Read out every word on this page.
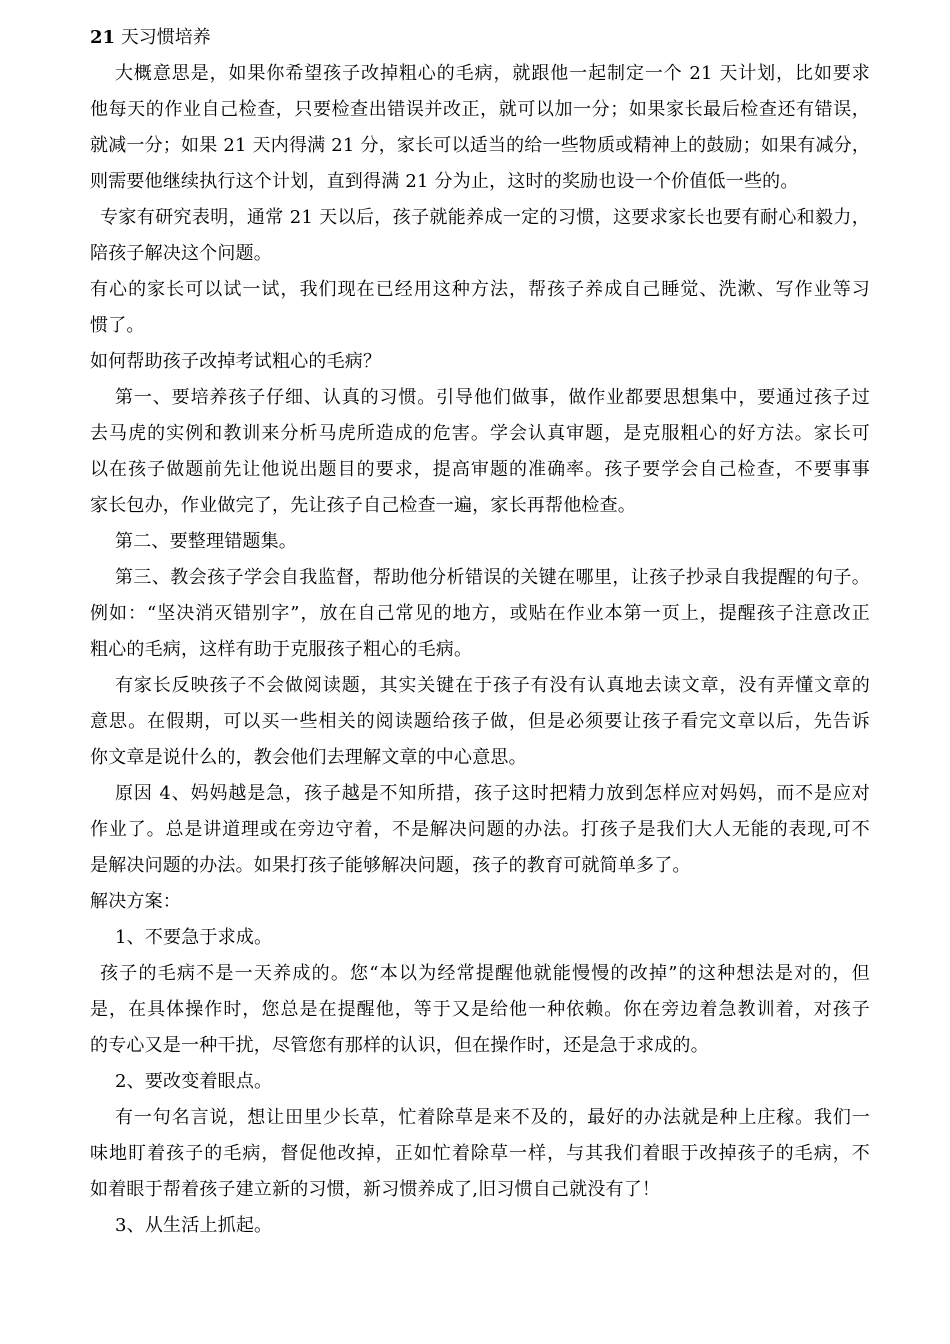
21 天习惯培养
大概意思是，如果你希望孩子改掉粗心的毛病，就跟他一起制定一个 21 天计划，比如要求
他每天的作业自己检查，只要检查出错误并改正，就可以加一分；如果家长最后检查还有错误，
就减一分；如果 21 天内得满 21 分，家长可以适当的给一些物质或精神上的鼓励；如果有减分，
则需要他继续执行这个计划，直到得满 21 分为止，这时的奖励也设一个价值低一些的。
专家有研究表明，通常 21 天以后，孩子就能养成一定的习惯，这要求家长也要有耐心和毅力，
陪孩子解决这个问题。
有心的家长可以试一试，我们现在已经用这种方法，帮孩子养成自己睡觉、洗漱、写作业等习
惯了。
如何帮助孩子改掉考试粗心的毛病？
第一、要培养孩子仔细、认真的习惯。引导他们做事，做作业都要思想集中，要通过孩子过
去马虎的实例和教训来分析马虎所造成的危害。学会认真审题，是克服粗心的好方法。家长可
以在孩子做题前先让他说出题目的要求，提高审题的准确率。孩子要学会自己检查，不要事事
家长包办，作业做完了，先让孩子自己检查一遍，家长再帮他检查。
第二、要整理错题集。
第三、教会孩子学会自我监督，帮助他分析错误的关键在哪里，让孩子抄录自我提醒的句子。
例如：“坚决消灭错别字”，放在自己常见的地方，或贴在作业本第一页上，提醒孩子注意改正
粗心的毛病，这样有助于克服孩子粗心的毛病。
有家长反映孩子不会做阅读题，其实关键在于孩子有没有认真地去读文章，没有弄懂文章的
意思。在假期，可以买一些相关的阅读题给孩子做，但是必须要让孩子看完文章以后，先告诉
你文章是说什么的，教会他们去理解文章的中心意思。
原因 4、妈妈越是急，孩子越是不知所措，孩子这时把精力放到怎样应对妈妈，而不是应对
作业了。总是讲道理或在旁边守着，不是解决问题的办法。打孩子是我们大人无能的表现,可不
是解决问题的办法。如果打孩子能够解决问题，孩子的教育可就简单多了。
解决方案：
1、不要急于求成。
孩子的毛病不是一天养成的。您“本以为经常提醒他就能慢慢的改掉”的这种想法是对的，但
是，在具体操作时，您总是在提醒他，等于又是给他一种依赖。你在旁边着急教训着，对孩子
的专心又是一种干扰，尽管您有那样的认识，但在操作时，还是急于求成的。
2、要改变着眼点。
有一句名言说，想让田里少长草，忙着除草是来不及的，最好的办法就是种上庄稼。我们一
味地盯着孩子的毛病，督促他改掉，正如忙着除草一样，与其我们着眼于改掉孩子的毛病，不
如着眼于帮着孩子建立新的习惯，新习惯养成了,旧习惯自己就没有了！
3、从生活上抓起。
